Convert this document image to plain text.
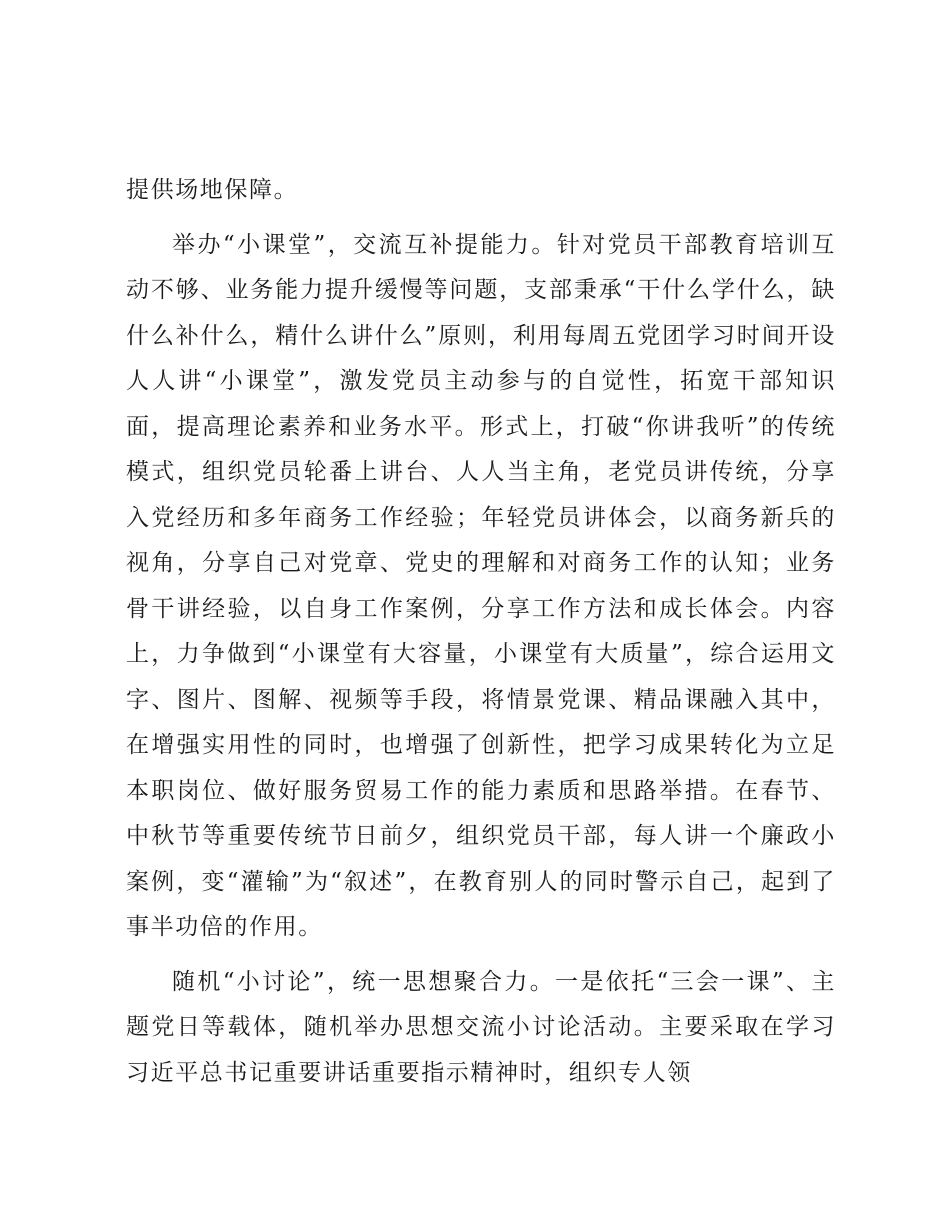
提供场地保障。

举办“小课堂”，交流互补提能力。针对党员干部教育培训互动不够、业务能力提升缓慢等问题，支部秉承“干什么学什么，缺什么补什么，精什么讲什么”原则，利用每周五党团学习时间开设人人讲“小课堂”，激发党员主动参与的自觉性，拓宽干部知识面，提高理论素养和业务水平。形式上，打破“你讲我听”的传统模式，组织党员轮番上讲台、人人当主角，老党员讲传统，分享入党经历和多年商务工作经验；年轻党员讲体会，以商务新兵的视角，分享自己对党章、党史的理解和对商务工作的认知；业务骨干讲经验，以自身工作案例，分享工作方法和成长体会。内容上，力争做到“小课堂有大容量，小课堂有大质量”，综合运用文字、图片、图解、视频等手段，将情景党课、精品课融入其中，在增强实用性的同时，也增强了创新性，把学习成果转化为立足本职岗位、做好服务贸易工作的能力素质和思路举措。在春节、中秋节等重要传统节日前夕，组织党员干部，每人讲一个廉政小案例，变“灌输”为“叙述”，在教育别人的同时警示自己，起到了事半功倍的作用。

随机“小讨论”，统一思想聚合力。一是依托“三会一课”、主题党日等载体，随机举办思想交流小讨论活动。主要采取在学习习近平总书记重要讲话重要指示精神时，组织专人领
